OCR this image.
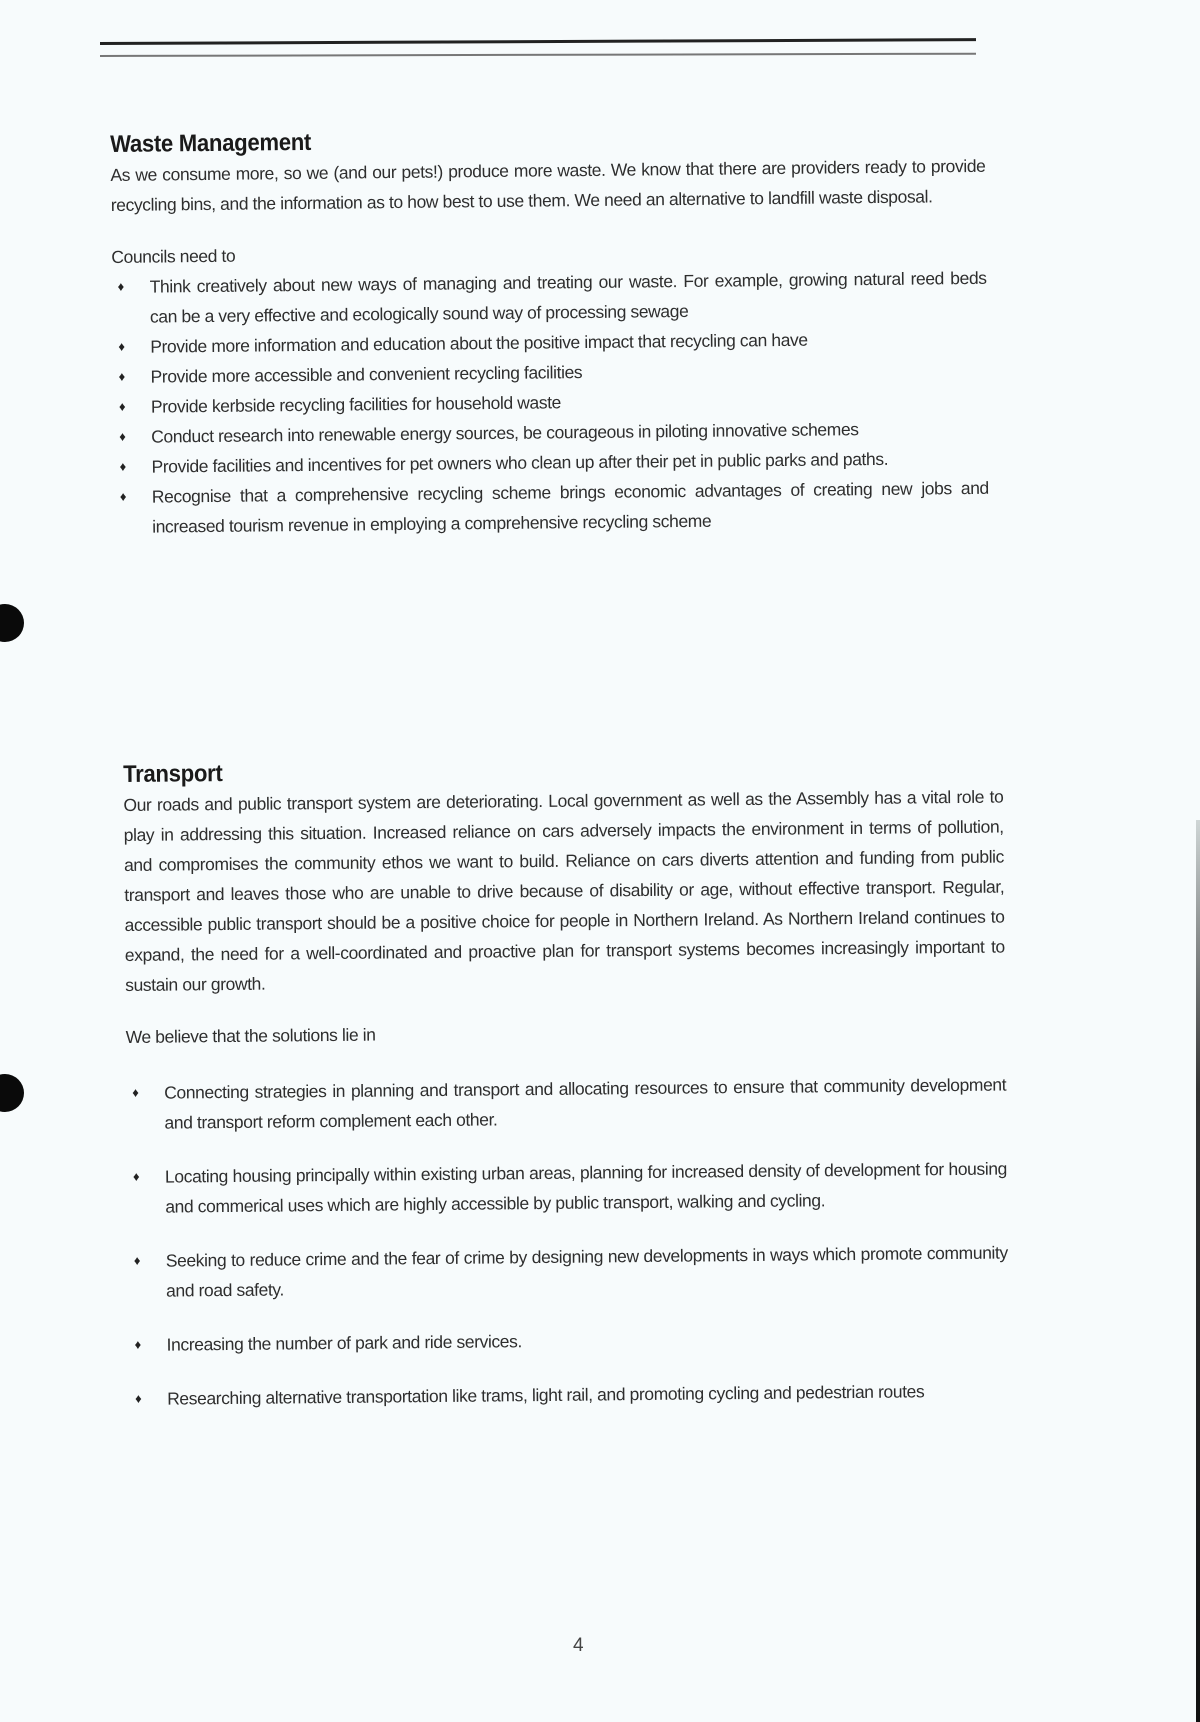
Waste Management

As we consume more, so we (and our pets!) produce more waste. We know that there are providers ready to provide recycling bins, and the information as to how best to use them. We need an alternative to landfill waste disposal.

Councils need to

♦ Think creatively about new ways of managing and treating our waste. For example, growing natural reed beds can be a very effective and ecologically sound way of processing sewage
♦ Provide more information and education about the positive impact that recycling can have
♦ Provide more accessible and convenient recycling facilities
♦ Provide kerbside recycling facilities for household waste
♦ Conduct research into renewable energy sources, be courageous in piloting innovative schemes
♦ Provide facilities and incentives for pet owners who clean up after their pet in public parks and paths.
♦ Recognise that a comprehensive recycling scheme brings economic advantages of creating new jobs and increased tourism revenue in employing a comprehensive recycling scheme
Transport

Our roads and public transport system are deteriorating. Local government as well as the Assembly has a vital role to play in addressing this situation. Increased reliance on cars adversely impacts the environment in terms of pollution, and compromises the community ethos we want to build. Reliance on cars diverts attention and funding from public transport and leaves those who are unable to drive because of disability or age, without effective transport. Regular, accessible public transport should be a positive choice for people in Northern Ireland. As Northern Ireland continues to expand, the need for a well-coordinated and proactive plan for transport systems becomes increasingly important to sustain our growth.

We believe that the solutions lie in

♦ Connecting strategies in planning and transport and allocating resources to ensure that community development and transport reform complement each other.
♦ Locating housing principally within existing urban areas, planning for increased density of development for housing and commerical uses which are highly accessible by public transport, walking and cycling.
♦ Seeking to reduce crime and the fear of crime by designing new developments in ways which promote community and road safety.
♦ Increasing the number of park and ride services.
♦ Researching alternative transportation like trams, light rail, and promoting cycling and pedestrian routes
4
